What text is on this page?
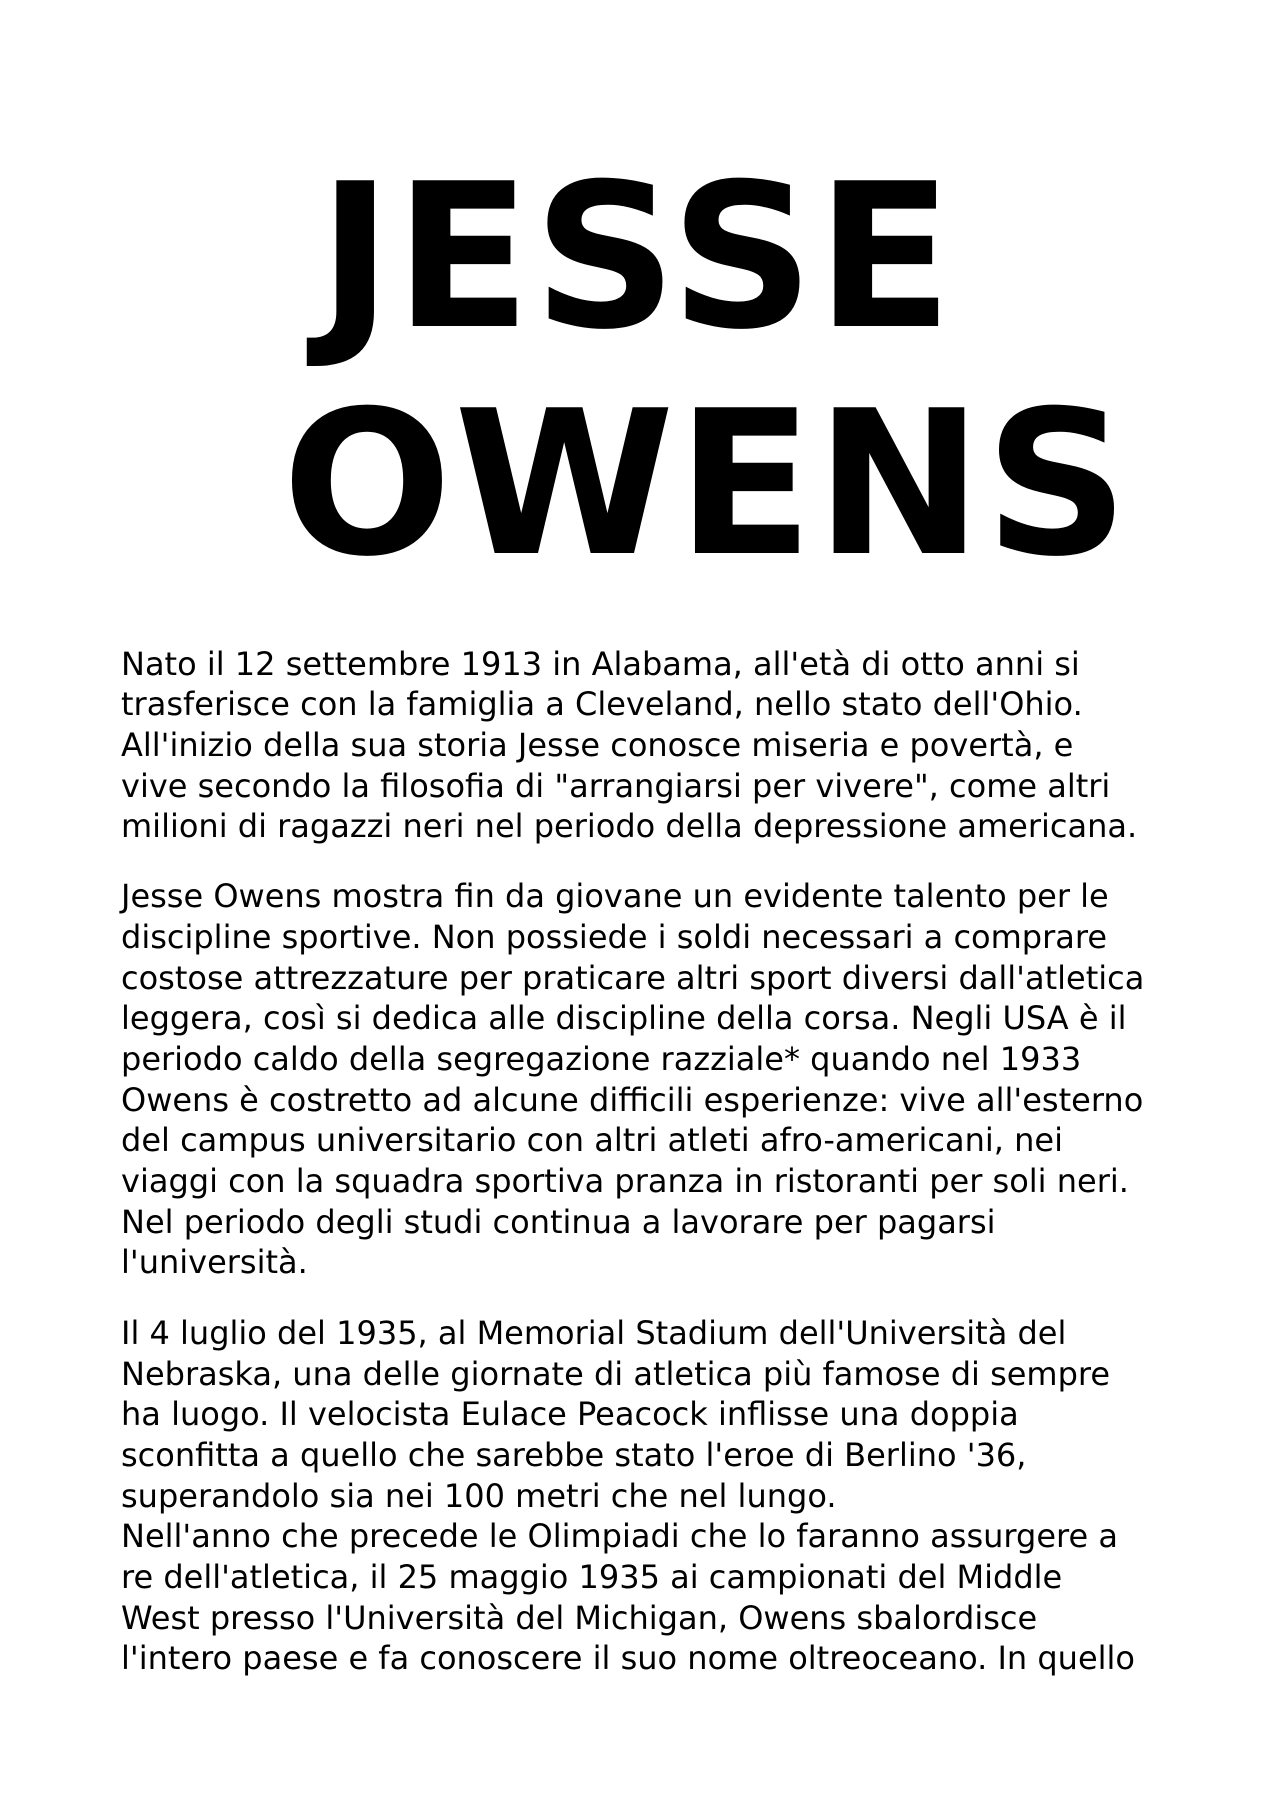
JESSE
OWENS

Nato il 12 settembre 1913 in Alabama, all'età di otto anni si

trasferisce con la famiglia a Cleveland, nello stato dell'Ohio.

All'inizio della sua storia Jesse conosce miseria e povertà, e

vive secondo la filosofia di "arrangiarsi per vivere", come altri

milioni di ragazzi neri nel periodo della depressione americana.

Jesse Owens mostra fin da giovane un evidente talento per le

discipline sportive. Non possiede i soldi necessari a comprare

costose attrezzature per praticare altri sport diversi dall'atletica

leggera, così si dedica alle discipline della corsa. Negli USA è il

periodo caldo della segregazione razziale* quando nel 1933

Owens è costretto ad alcune difficili esperienze: vive all'esterno

del campus universitario con altri atleti afro-americani, nei

viaggi con la squadra sportiva pranza in ristoranti per soli neri.

Nel periodo degli studi continua a lavorare per pagarsi

l'università.

Il 4 luglio del 1935, al Memorial Stadium dell'Università del

Nebraska, una delle giornate di atletica più famose di sempre

ha luogo. Il velocista Eulace Peacock inflisse una doppia

sconfitta a quello che sarebbe stato l'eroe di Berlino '36,

superandolo sia nei 100 metri che nel lungo.

Nell'anno che precede le Olimpiadi che lo faranno assurgere a

re dell'atletica, il 25 maggio 1935 ai campionati del Middle

West presso l'Università del Michigan, Owens sbalordisce

l'intero paese e fa conoscere il suo nome oltreoceano. In quello
